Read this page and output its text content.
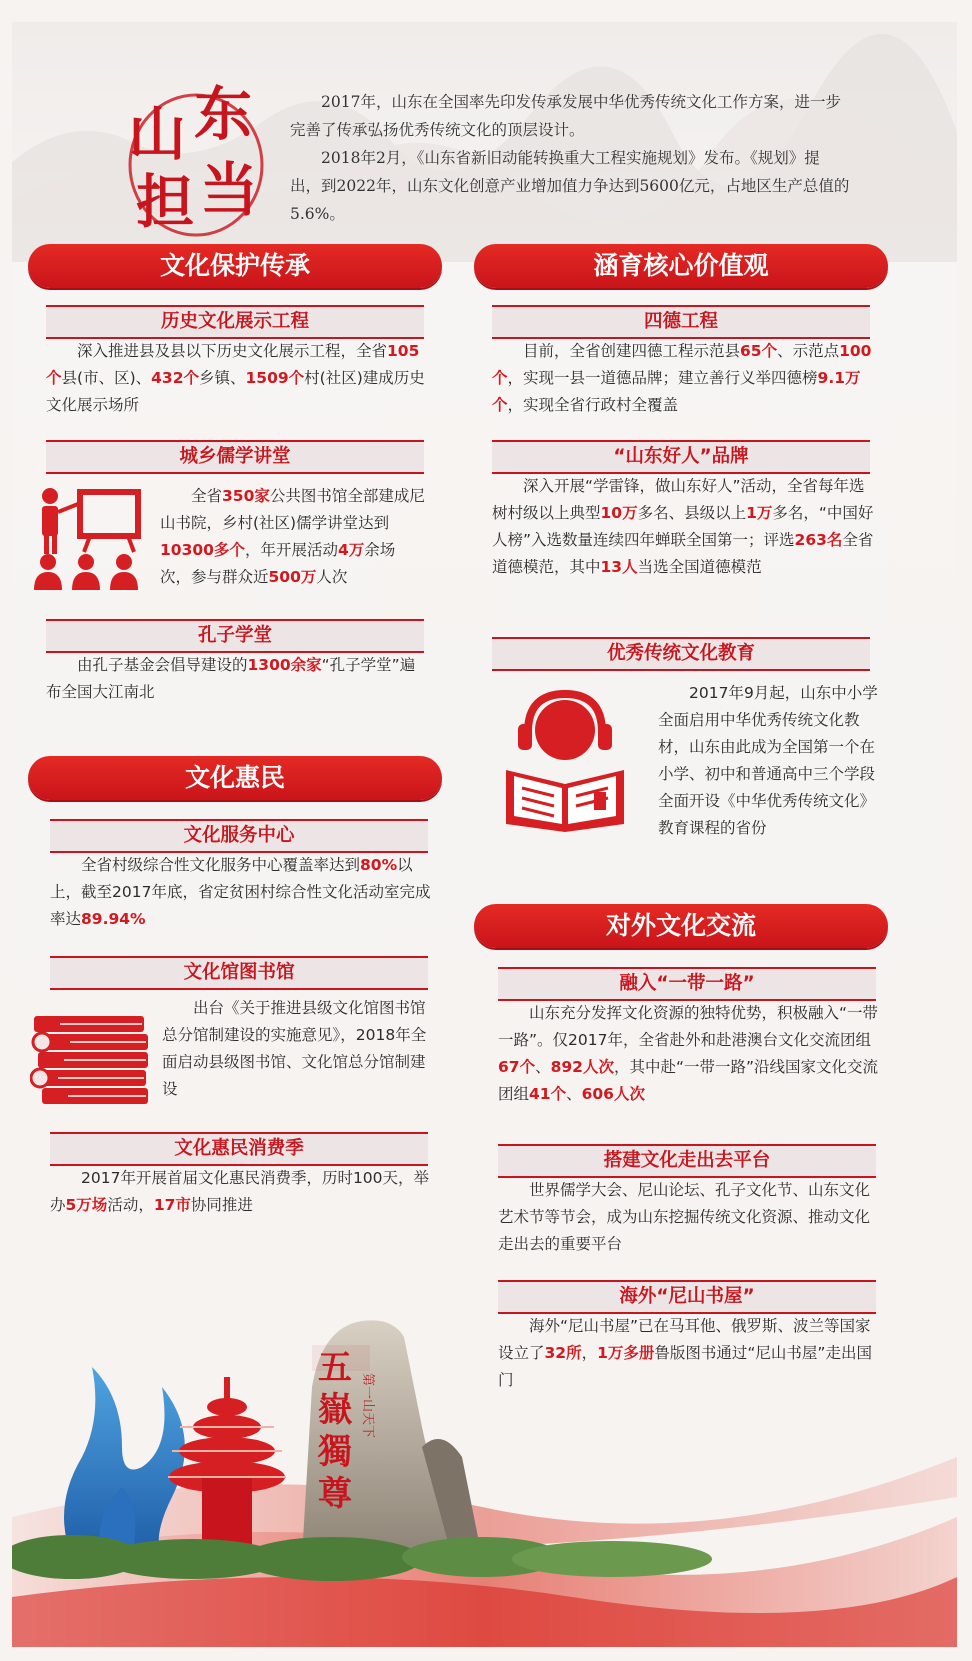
东
山
担 当

2017年，山东在全国率先印发传承发展中华优秀传统文化工作方案，进一步完善了传承弘扬优秀传统文化的顶层设计。

2018年2月，《山东省新旧动能转换重大工程实施规划》发布。《规划》提出，到2022年，山东文化创意产业增加值力争达到5600亿元，占地区生产总值的5.6%。

文化保护传承
历史文化展示工程

深入推进县及县以下历史文化展示工程，全省105个县(市、区)、432个乡镇、1509个村(社区)建成历史文化展示场所

城乡儒学讲堂

全省350家公共图书馆全部建成尼山书院，乡村(社区)儒学讲堂达到10300多个，年开展活动4万余场次，参与群众近500万人次

孔子学堂

由孔子基金会倡导建设的1300余家“孔子学堂”遍布全国大江南北

文化惠民
文化服务中心

全省村级综合性文化服务中心覆盖率达到80%以上，截至2017年底，省定贫困村综合性文化活动室完成率达89.94%

文化馆图书馆

出台《关于推进县级文化馆图书馆总分馆制建设的实施意见》，2018年全面启动县级图书馆、文化馆总分馆制建设

文化惠民消费季

2017年开展首届文化惠民消费季，历时100天，举办5万场活动，17市协同推进

涵育核心价值观
四德工程

目前，全省创建四德工程示范县65个、示范点100个，实现一县一道德品牌；建立善行义举四德榜9.1万个，实现全省行政村全覆盖

“山东好人”品牌

深入开展“学雷锋，做山东好人”活动，全省每年选树村级以上典型10万多名、县级以上1万多名，“中国好人榜”入选数量连续四年蝉联全国第一；评选263名全省道德模范，其中13人当选全国道德模范

优秀传统文化教育

2017年9月起，山东中小学全面启用中华优秀传统文化教材，山东由此成为全国第一个在小学、初中和普通高中三个学段全面开设《中华优秀传统文化》教育课程的省份

对外文化交流
融入“一带一路”

山东充分发挥文化资源的独特优势，积极融入“一带一路”。仅2017年，全省赴外和赴港澳台文化交流团组67个、892人次，其中赴“一带一路”沿线国家文化交流团组41个、606人次

搭建文化走出去平台

世界儒学大会、尼山论坛、孔子文化节、山东文化艺术节等节会，成为山东挖掘传统文化资源、推动文化走出去的重要平台

海外“尼山书屋”

海外“尼山书屋”已在马耳他、俄罗斯、波兰等国家设立了32所，1万多册鲁版图书通过“尼山书屋”走出国门

五
嶽
獨
尊
第一山天下
